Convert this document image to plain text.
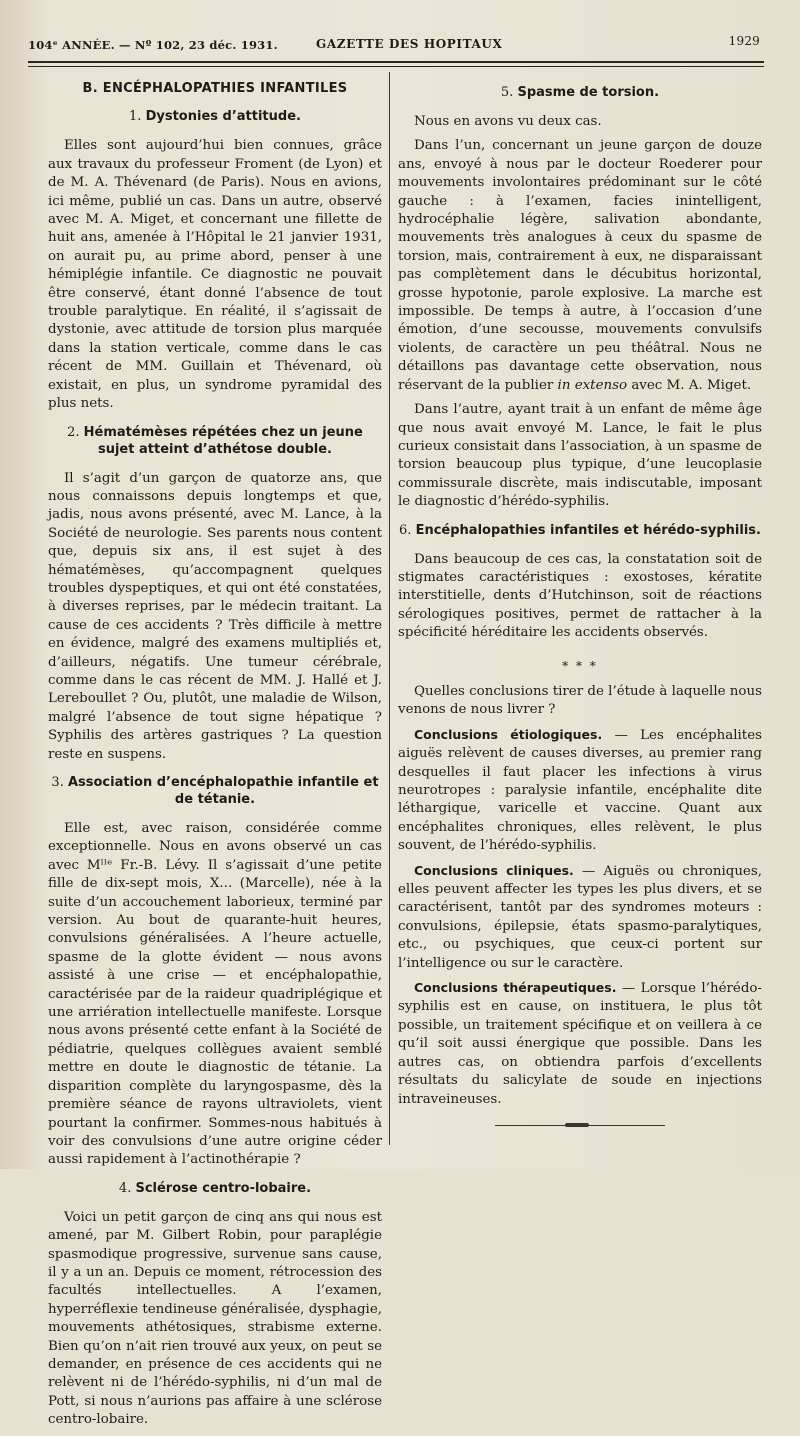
104ᵉ ANNÉE. — Nº 102, 23 déc. 1931.	GAZETTE DES HOPITAUX	1929
B. ENCÉPHALOPATHIES INFANTILES
1. Dystonies d’attitude.

Elles sont aujourd’hui bien connues, grâce aux travaux du professeur Froment (de Lyon) et de M. A. Thévenard (de Paris). Nous en avions, ici même, publié un cas. Dans un autre, observé avec M. A. Miget, et concernant une fillette de huit ans, amenée à l’Hôpital le 21 janvier 1931, on aurait pu, au prime abord, penser à une hémiplégie infantile. Ce diagnostic ne pouvait être conservé, étant donné l’absence de tout trouble paralytique. En réalité, il s’agissait de dystonie, avec attitude de torsion plus marquée dans la station verticale, comme dans le cas récent de MM. Guillain et Thévenard, où existait, en plus, un syndrome pyramidal des plus nets.

2. Hématémèses répétées chez un jeune sujet atteint d’athétose double.

Il s’agit d’un garçon de quatorze ans, que nous connaissons depuis longtemps et que, jadis, nous avons présenté, avec M. Lance, à la Société de neurologie. Ses parents nous content que, depuis six ans, il est sujet à des hématémèses, qu’accompagnent quelques troubles dyspeptiques, et qui ont été constatées, à diverses reprises, par le médecin traitant. La cause de ces accidents ? Très difficile à mettre en évidence, malgré des examens multipliés et, d’ailleurs, négatifs. Une tumeur cérébrale, comme dans le cas récent de MM. J. Hallé et J. Lereboullet ? Ou, plutôt, une maladie de Wilson, malgré l’absence de tout signe hépatique ? Syphilis des artères gastriques ? La question reste en suspens.

3. Association d’encéphalopathie infantile et de tétanie.

Elle est, avec raison, considérée comme exceptionnelle. Nous en avons observé un cas avec Mˡˡᵉ Fr.-B. Lévy. Il s’agissait d’une petite fille de dix-sept mois, X... (Marcelle), née à la suite d’un accouchement laborieux, terminé par version. Au bout de quarante-huit heures, convulsions généralisées. A l’heure actuelle, spasme de la glotte évident — nous avons assisté à une crise — et encéphalopathie, caractérisée par de la raideur quadriplégique et une arriération intellectuelle manifeste. Lorsque nous avons présenté cette enfant à la Société de pédiatrie, quelques collègues avaient semblé mettre en doute le diagnostic de tétanie. La disparition complète du laryngospasme, dès la première séance de rayons ultraviolets, vient pourtant la confirmer. Sommes-nous habitués à voir des convulsions d’une autre origine céder aussi rapidement à l’actinothérapie ?

4. Sclérose centro-lobaire.

Voici un petit garçon de cinq ans qui nous est amené, par M. Gilbert Robin, pour paraplégie spasmodique progressive, survenue sans cause, il y a un an. Depuis ce moment, rétrocession des facultés intellectuelles. A l’examen, hyperréflexie tendineuse généralisée, dysphagie, mouvements athétosiques, strabisme externe. Bien qu’on n’ait rien trouvé aux yeux, on peut se demander, en présence de ces accidents qui ne relèvent ni de l’hérédo-syphilis, ni d’un mal de Pott, si nous n’aurions pas affaire à une sclérose centro-lobaire.

5. Spasme de torsion.

Nous en avons vu deux cas.

Dans l’un, concernant un jeune garçon de douze ans, envoyé à nous par le docteur Roederer pour mouvements involontaires prédominant sur le côté gauche : à l’examen, facies inintelligent, hydrocéphalie légère, salivation abondante, mouvements très analogues à ceux du spasme de torsion, mais, contrairement à eux, ne disparaissant pas complètement dans le décubitus horizontal, grosse hypotonie, parole explosive. La marche est impossible. De temps à autre, à l’occasion d’une émotion, d’une secousse, mouvements convulsifs violents, de caractère un peu théâtral. Nous ne détaillons pas davantage cette observation, nous réservant de la publier in extenso avec M. A. Miget.

Dans l’autre, ayant trait à un enfant de même âge que nous avait envoyé M. Lance, le fait le plus curieux consistait dans l’association, à un spasme de torsion beaucoup plus typique, d’une leucoplasie commissurale discrète, mais indiscutable, imposant le diagnostic d’hérédo-syphilis.

6. Encéphalopathies infantiles et hérédo-syphilis.

Dans beaucoup de ces cas, la constatation soit de stigmates caractéristiques : exostoses, kératite interstitielle, dents d’Hutchinson, soit de réactions sérologiques positives, permet de rattacher à la spécificité héréditaire les accidents observés.

* * *

Quelles conclusions tirer de l’étude à laquelle nous venons de nous livrer ?

Conclusions étiologiques. — Les encéphalites aiguës relèvent de causes diverses, au premier rang desquelles il faut placer les infections à virus neurotropes : paralysie infantile, encéphalite dite léthargique, varicelle et vaccine. Quant aux encéphalites chroniques, elles relèvent, le plus souvent, de l’hérédo-syphilis.

Conclusions cliniques. — Aiguës ou chroniques, elles peuvent affecter les types les plus divers, et se caractérisent, tantôt par des syndromes moteurs : convulsions, épilepsie, états spasmo-paralytiques, etc., ou psychiques, que ceux-ci portent sur l’intelligence ou sur le caractère.

Conclusions thérapeutiques. — Lorsque l’hérédo-syphilis est en cause, on instituera, le plus tôt possible, un traitement spécifique et on veillera à ce qu’il soit aussi énergique que possible. Dans les autres cas, on obtiendra parfois d’excellents résultats du salicylate de soude en injections intraveineuses.
